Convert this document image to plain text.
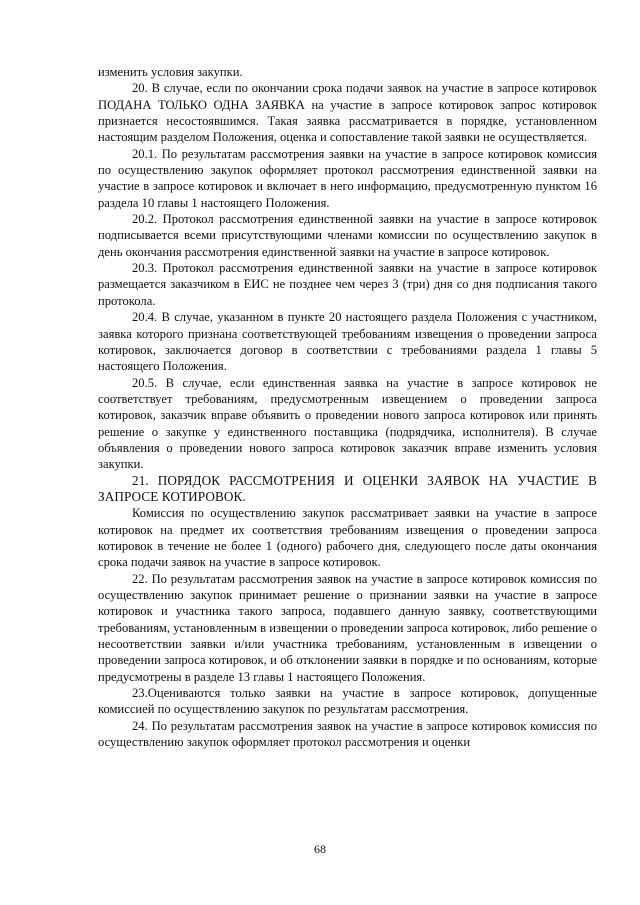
изменить условия закупки.

20. В случае, если по окончании срока подачи заявок на участие в запросе котировок ПОДАНА ТОЛЬКО ОДНА ЗАЯВКА на участие в запросе котировок запрос котировок признается несостоявшимся. Такая заявка рассматривается в порядке, установленном настоящим разделом Положения, оценка и сопоставление такой заявки не осуществляется.

20.1. По результатам рассмотрения заявки на участие в запросе котировок комиссия по осуществлению закупок оформляет протокол рассмотрения единственной заявки на участие в запросе котировок и включает в него информацию, предусмотренную пунктом 16 раздела 10 главы 1 настоящего Положения.

20.2. Протокол рассмотрения единственной заявки на участие в запросе котировок подписывается всеми присутствующими членами комиссии по осуществлению закупок в день окончания рассмотрения единственной заявки на участие в запросе котировок.

20.3. Протокол рассмотрения единственной заявки на участие в запросе котировок размещается заказчиком в ЕИС не позднее чем через 3 (три) дня со дня подписания такого протокола.

20.4. В случае, указанном в пункте 20 настоящего раздела Положения с участником, заявка которого признана соответствующей требованиям извещения о проведении запроса котировок, заключается договор в соответствии с требованиями раздела 1 главы 5 настоящего Положения.

20.5. В случае, если единственная заявка на участие в запросе котировок не соответствует требованиям, предусмотренным извещением о проведении запроса котировок, заказчик вправе объявить о проведении нового запроса котировок или принять решение о закупке у единственного поставщика (подрядчика, исполнителя). В случае объявления о проведении нового запроса котировок заказчик вправе изменить условия закупки.

21. ПОРЯДОК РАССМОТРЕНИЯ И ОЦЕНКИ ЗАЯВОК НА УЧАСТИЕ В ЗАПРОСЕ КОТИРОВОК.

Комиссия по осуществлению закупок рассматривает заявки на участие в запросе котировок на предмет их соответствия требованиям извещения о проведении запроса котировок в течение не более 1 (одного) рабочего дня, следующего после даты окончания срока подачи заявок на участие в запросе котировок.

22. По результатам рассмотрения заявок на участие в запросе котировок комиссия по осуществлению закупок принимает решение о признании заявки на участие в запросе котировок и участника такого запроса, подавшего данную заявку, соответствующими требованиям, установленным в извещении о проведении запроса котировок, либо решение о несоответствии заявки и/или участника требованиям, установленным в извещении о проведении запроса котировок, и об отклонении заявки в порядке и по основаниям, которые предусмотрены в разделе 13 главы 1 настоящего Положения.

23.Оцениваются только заявки на участие в запросе котировок, допущенные комиссией по осуществлению закупок по результатам рассмотрения.

24. По результатам рассмотрения заявок на участие в запросе котировок комиссия по осуществлению закупок оформляет протокол рассмотрения и оценки

68
